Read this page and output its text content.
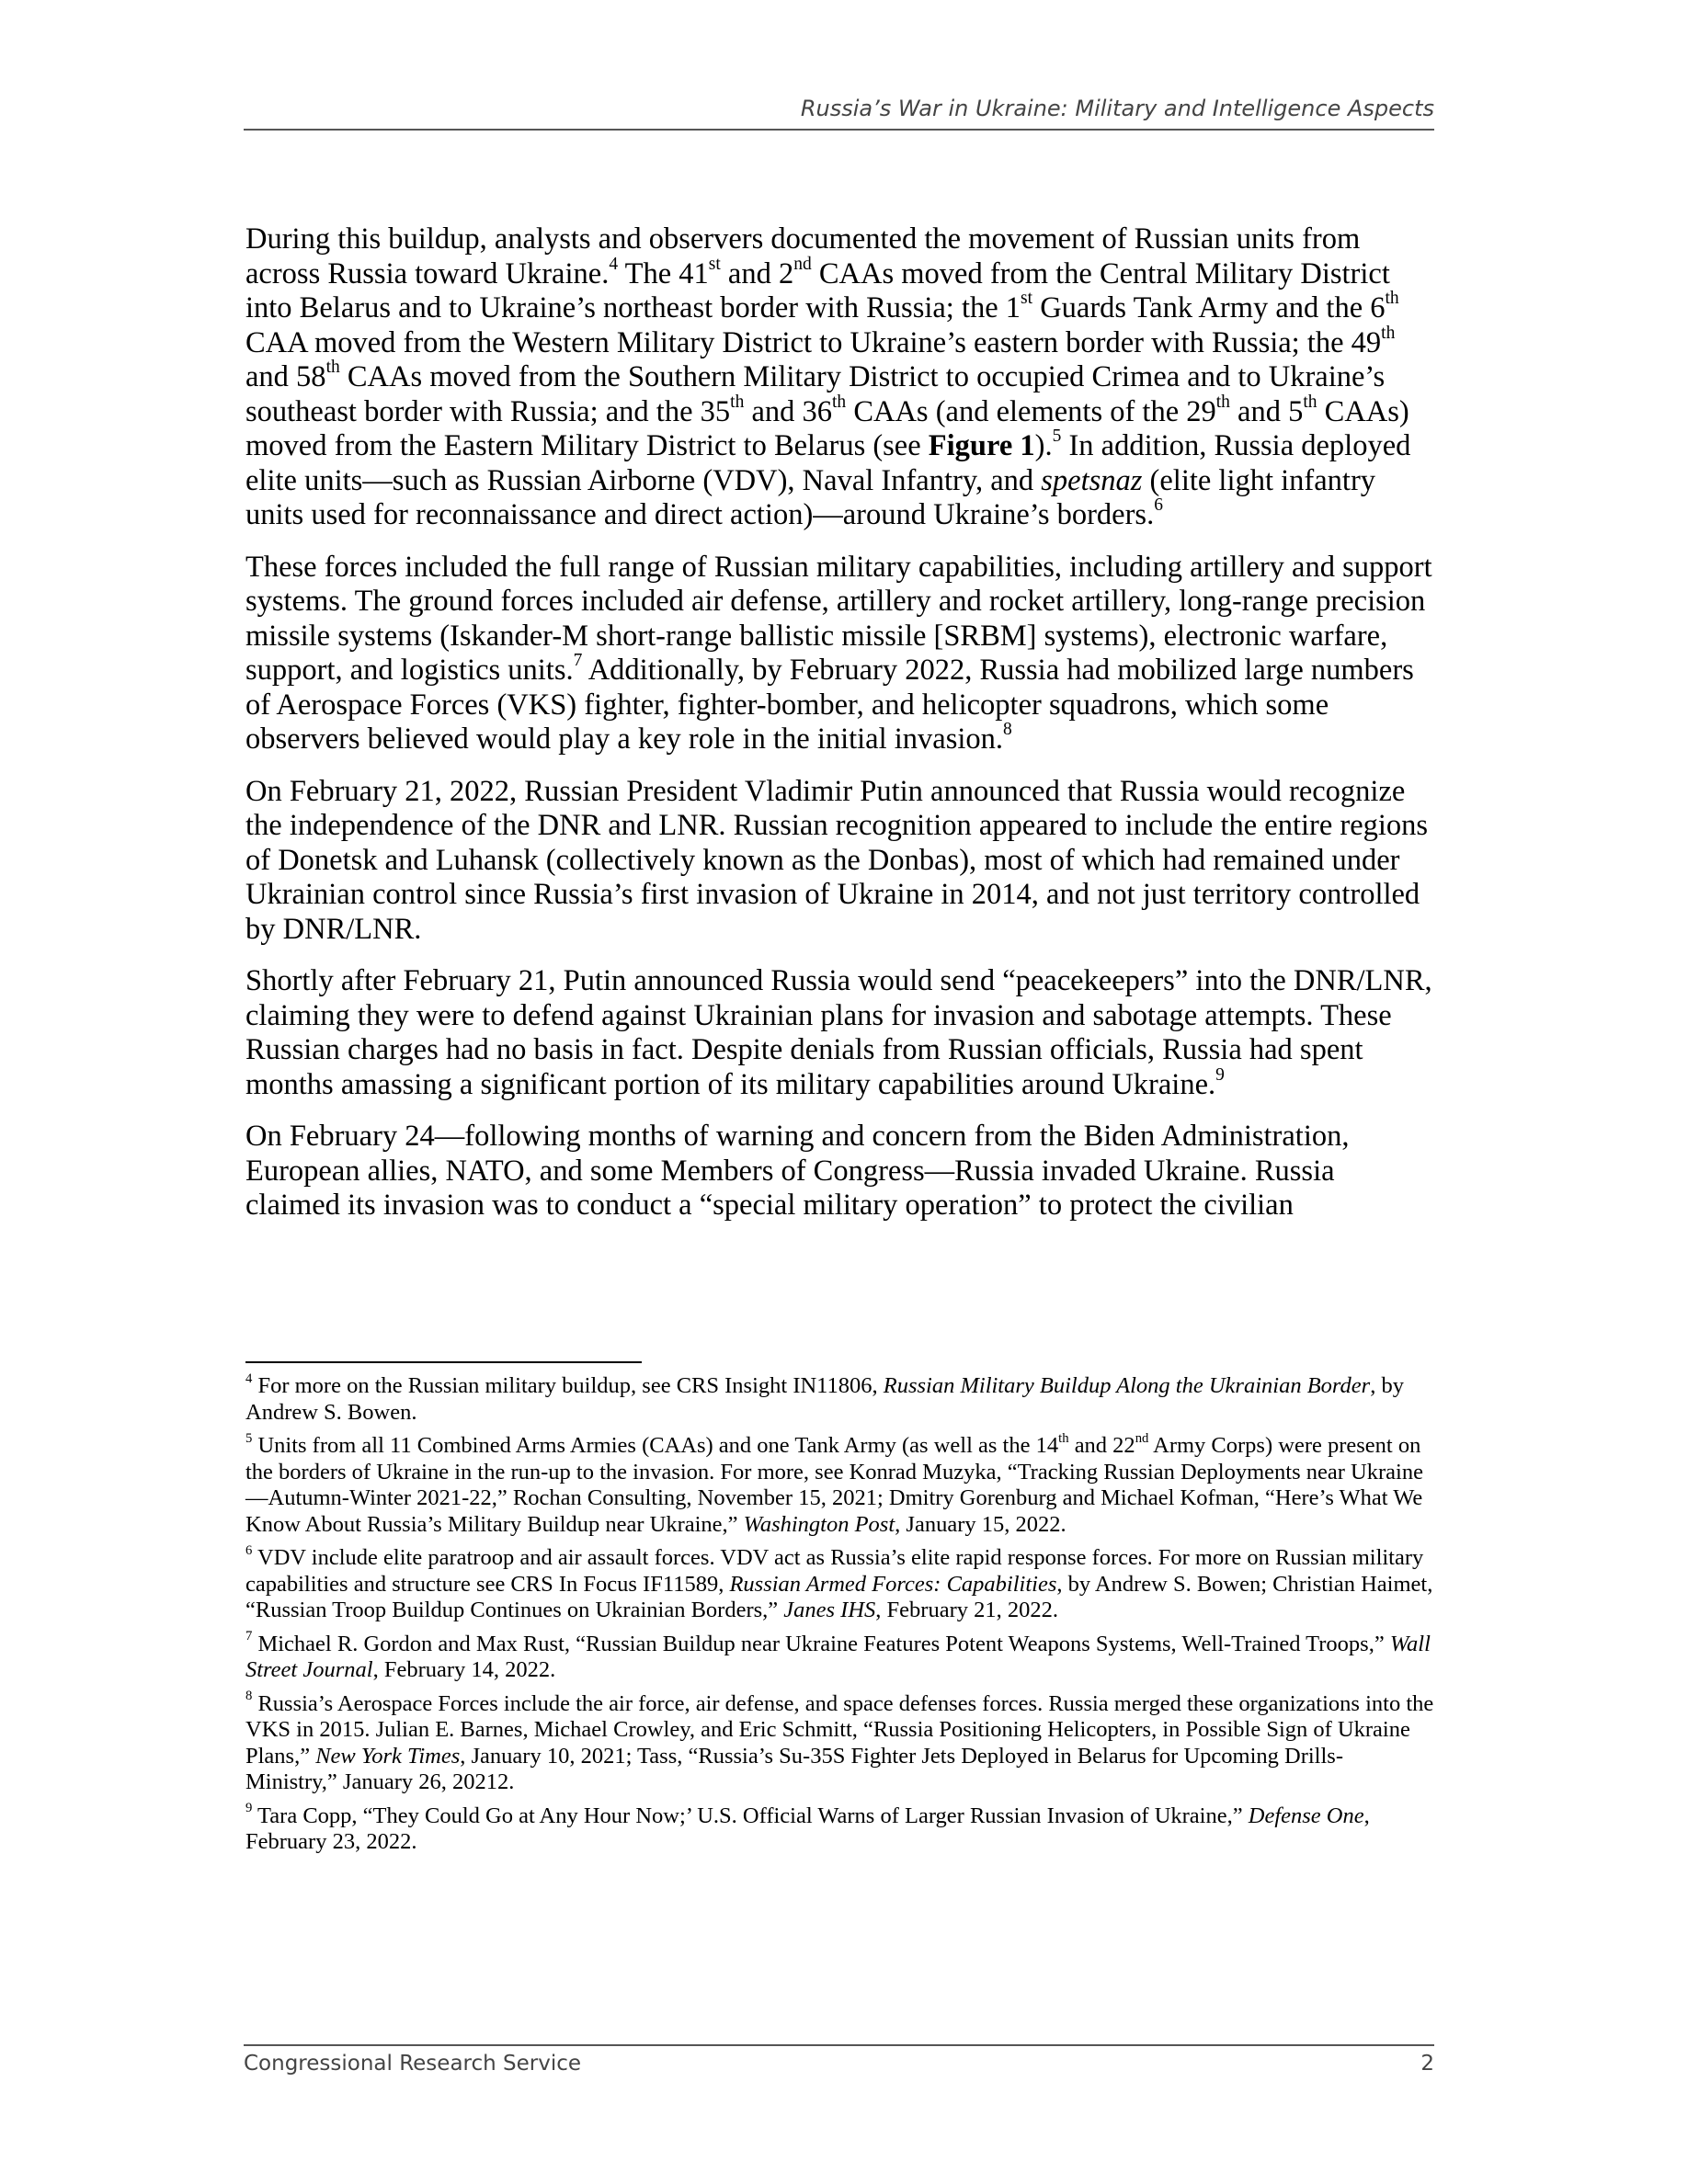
Russia’s War in Ukraine: Military and Intelligence Aspects

During this buildup, analysts and observers documented the movement of Russian units from across Russia toward Ukraine.$^4$ The 41st and 2nd CAAs moved from the Central Military District into Belarus and to Ukraine’s northeast border with Russia; the 1st Guards Tank Army and the 6th CAA moved from the Western Military District to Ukraine’s eastern border with Russia; the 49th and 58th CAAs moved from the Southern Military District to occupied Crimea and to Ukraine’s southeast border with Russia; and the 35th and 36th CAAs (and elements of the 29th and 5th CAAs) moved from the Eastern Military District to Belarus (see Figure 1).$^5$ In addition, Russia deployed elite units—such as Russian Airborne (VDV), Naval Infantry, and spetsnaz (elite light infantry units used for reconnaissance and direct action)—around Ukraine’s borders.$^6$

These forces included the full range of Russian military capabilities, including artillery and support systems. The ground forces included air defense, artillery and rocket artillery, long-range precision missile systems (Iskander-M short-range ballistic missile [SRBM] systems), electronic warfare, support, and logistics units.$^7$ Additionally, by February 2022, Russia had mobilized large numbers of Aerospace Forces (VKS) fighter, fighter-bomber, and helicopter squadrons, which some observers believed would play a key role in the initial invasion.$^8$

On February 21, 2022, Russian President Vladimir Putin announced that Russia would recognize the independence of the DNR and LNR. Russian recognition appeared to include the entire regions of Donetsk and Luhansk (collectively known as the Donbas), most of which had remained under Ukrainian control since Russia’s first invasion of Ukraine in 2014, and not just territory controlled by DNR/LNR.

Shortly after February 21, Putin announced Russia would send “peacekeepers” into the DNR/LNR, claiming they were to defend against Ukrainian plans for invasion and sabotage attempts. These Russian charges had no basis in fact. Despite denials from Russian officials, Russia had spent months amassing a significant portion of its military capabilities around Ukraine.$^9$

On February 24—following months of warning and concern from the Biden Administration, European allies, NATO, and some Members of Congress—Russia invaded Ukraine. Russia claimed its invasion was to conduct a “special military operation” to protect the civilian

$^4$ For more on the Russian military buildup, see CRS Insight IN11806, Russian Military Buildup Along the Ukrainian Border, by Andrew S. Bowen.
$^5$ Units from all 11 Combined Arms Armies (CAAs) and one Tank Army (as well as the 14th and 22nd Army Corps) were present on the borders of Ukraine in the run-up to the invasion. For more, see Konrad Muzyka, “Tracking Russian Deployments near Ukraine—Autumn-Winter 2021-22,” Rochan Consulting, November 15, 2021; Dmitry Gorenburg and Michael Kofman, “Here’s What We Know About Russia’s Military Buildup near Ukraine,” Washington Post, January 15, 2022.
$^6$ VDV include elite paratroop and air assault forces. VDV act as Russia’s elite rapid response forces. For more on Russian military capabilities and structure see CRS In Focus IF11589, Russian Armed Forces: Capabilities, by Andrew S. Bowen; Christian Haimet, “Russian Troop Buildup Continues on Ukrainian Borders,” Janes IHS, February 21, 2022.
$^7$ Michael R. Gordon and Max Rust, “Russian Buildup near Ukraine Features Potent Weapons Systems, Well-Trained Troops,” Wall Street Journal, February 14, 2022.
$^8$ Russia’s Aerospace Forces include the air force, air defense, and space defenses forces. Russia merged these organizations into the VKS in 2015. Julian E. Barnes, Michael Crowley, and Eric Schmitt, “Russia Positioning Helicopters, in Possible Sign of Ukraine Plans,” New York Times, January 10, 2021; Tass, “Russia’s Su-35S Fighter Jets Deployed in Belarus for Upcoming Drills-Ministry,” January 26, 20212.
$^9$ Tara Copp, “They Could Go at Any Hour Now;’ U.S. Official Warns of Larger Russian Invasion of Ukraine,” Defense One, February 23, 2022.
Congressional Research Service	2
